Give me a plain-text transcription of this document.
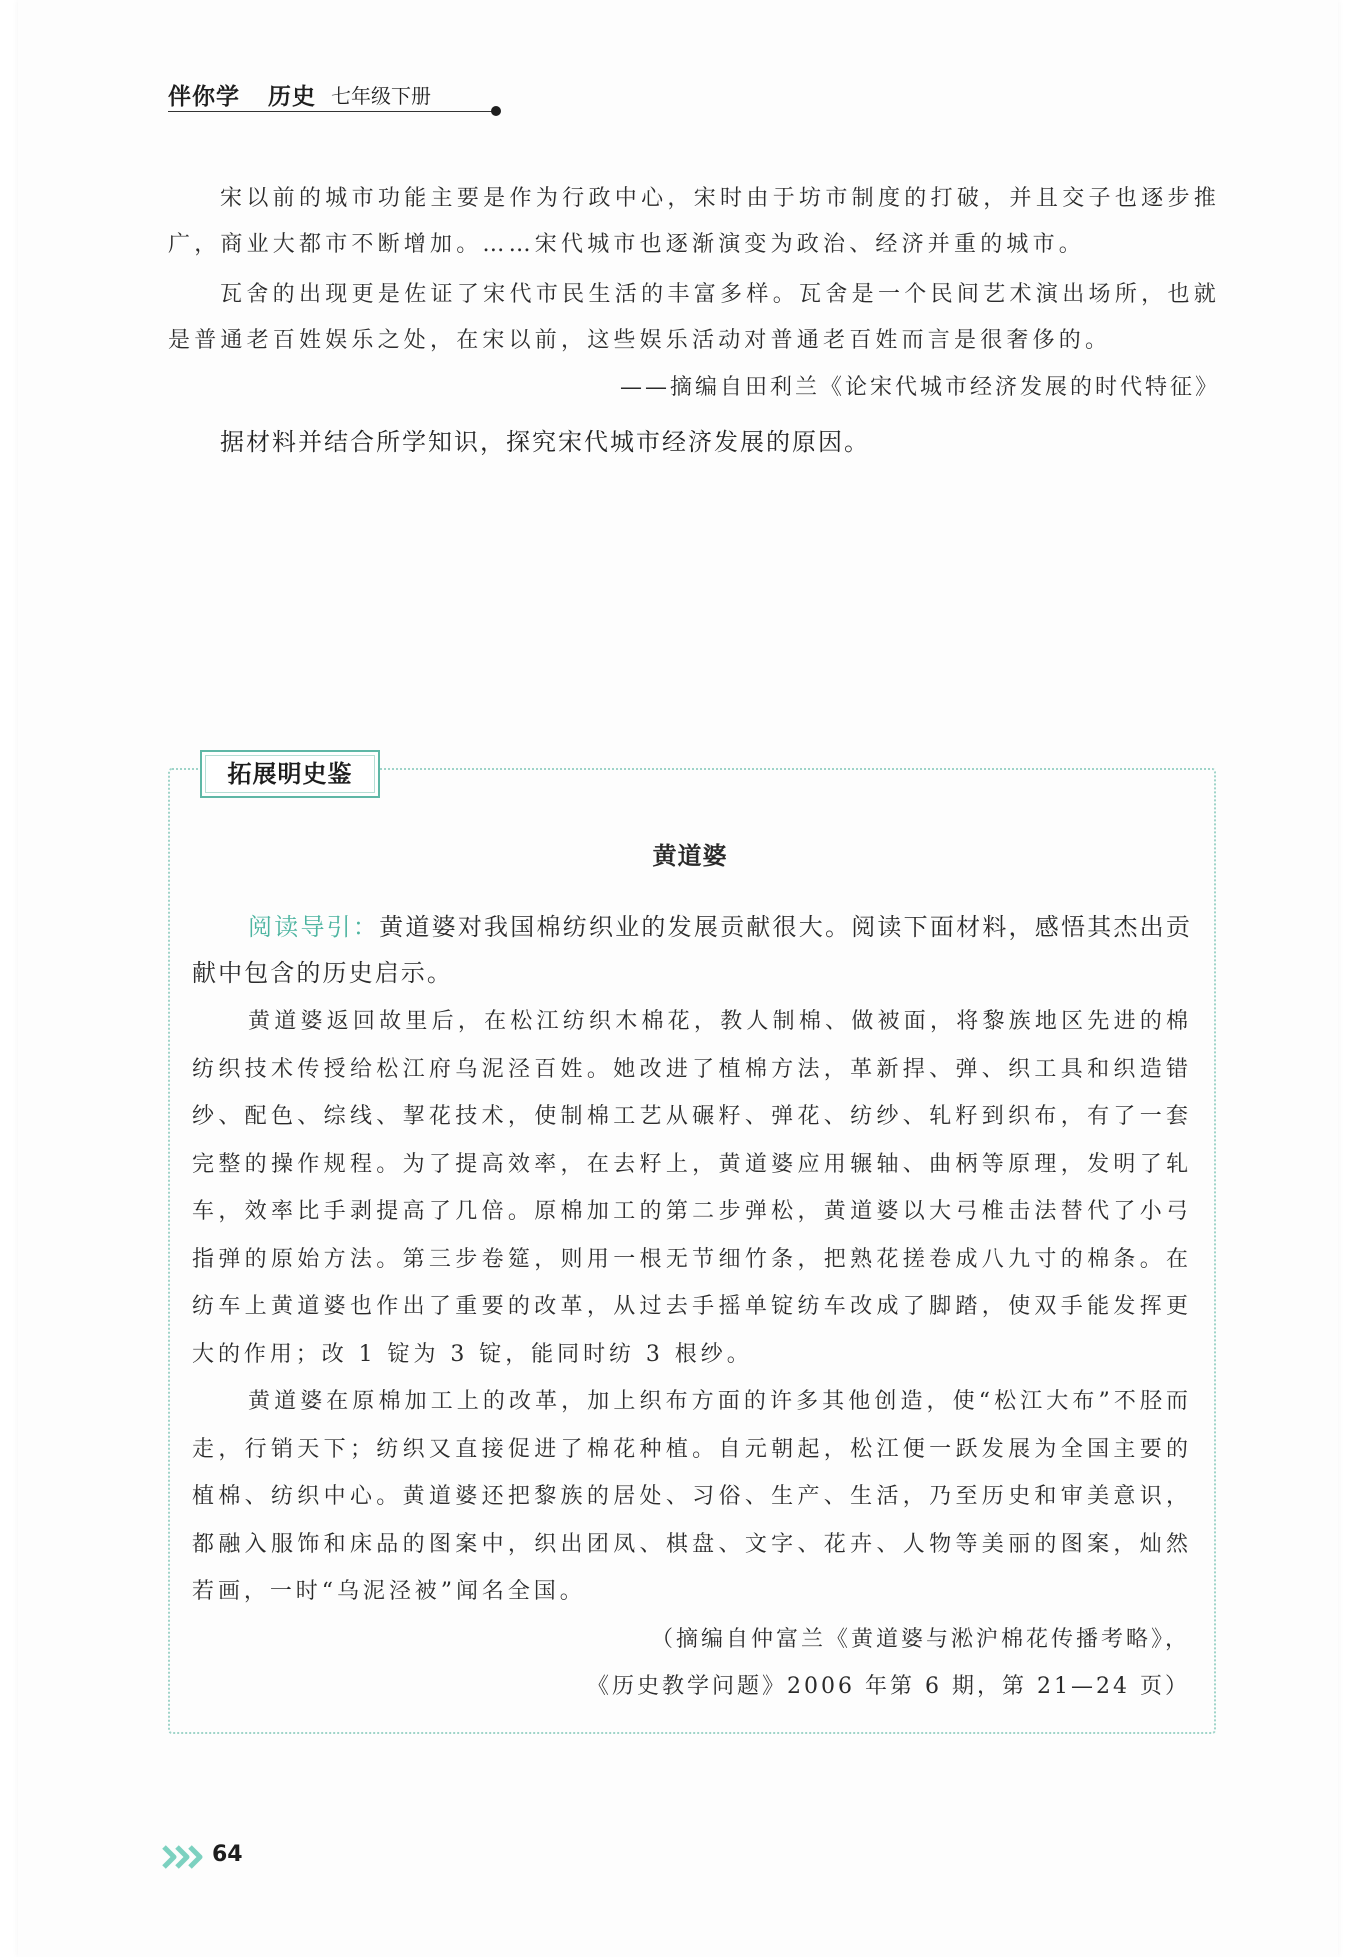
伴你学 历史 七年级下册

宋以前的城市功能主要是作为行政中心，宋时由于坊市制度的打破，并且交子也逐步推广，商业大都市不断增加。……宋代城市也逐渐演变为政治、经济并重的城市。

瓦舍的出现更是佐证了宋代市民生活的丰富多样。瓦舍是一个民间艺术演出场所，也就是普通老百姓娱乐之处，在宋以前，这些娱乐活动对普通老百姓而言是很奢侈的。

——摘编自田利兰《论宋代城市经济发展的时代特征》
据材料并结合所学知识，探究宋代城市经济发展的原因。
拓展明史鉴
黄道婆

阅读导引：黄道婆对我国棉纺织业的发展贡献很大。阅读下面材料，感悟其杰出贡献中包含的历史启示。

黄道婆返回故里后，在松江纺织木棉花，教人制棉、做被面，将黎族地区先进的棉纺织技术传授给松江府乌泥泾百姓。她改进了植棉方法，革新捍、弹、织工具和织造错纱、配色、综线、挈花技术，使制棉工艺从碾籽、弹花、纺纱、轧籽到织布，有了一套完整的操作规程。为了提高效率，在去籽上，黄道婆应用辗轴、曲柄等原理，发明了轧车，效率比手剥提高了几倍。原棉加工的第二步弹松，黄道婆以大弓椎击法替代了小弓指弹的原始方法。第三步卷筵，则用一根无节细竹条，把熟花搓卷成八九寸的棉条。在纺车上黄道婆也作出了重要的改革，从过去手摇单锭纺车改成了脚踏，使双手能发挥更大的作用；改 1 锭为 3 锭，能同时纺 3 根纱。

黄道婆在原棉加工上的改革，加上织布方面的许多其他创造，使“松江大布”不胫而走，行销天下；纺织又直接促进了棉花种植。自元朝起，松江便一跃发展为全国主要的植棉、纺织中心。黄道婆还把黎族的居处、习俗、生产、生活，乃至历史和审美意识，都融入服饰和床品的图案中，织出团凤、棋盘、文字、花卉、人物等美丽的图案，灿然若画，一时“乌泥泾被”闻名全国。

（摘编自仲富兰《黄道婆与淞沪棉花传播考略》，
《历史教学问题》2006 年第 6 期，第 21—24 页）
64
